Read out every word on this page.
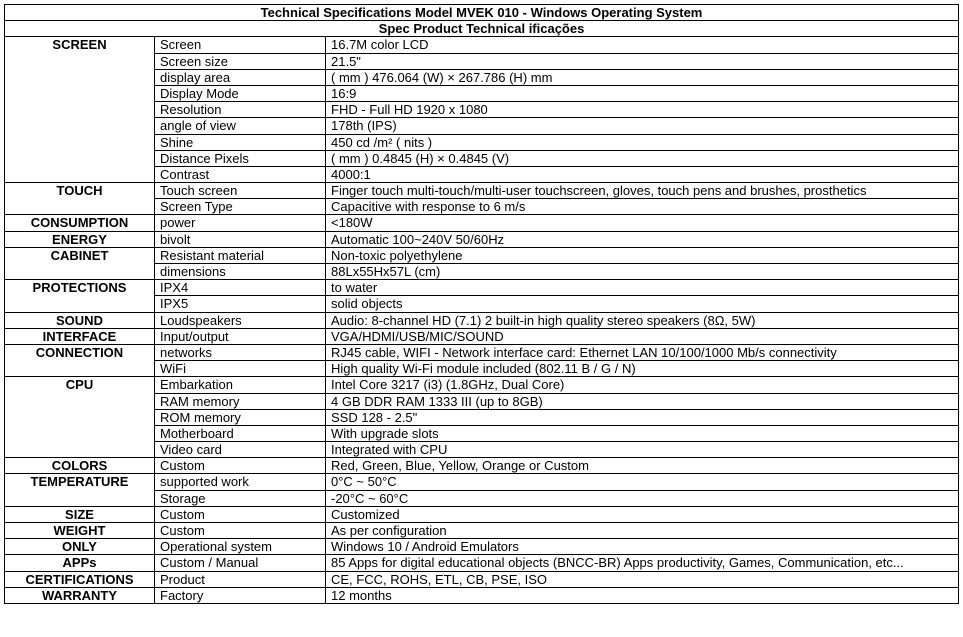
Technical Specifications Model MVEK 010 - Windows Operating System		
Spec Product Technical ificações		
SCREEN	Screen	16.7M color LCD
	Screen size	21.5"
	display area	( mm ) 476.064 (W) × 267.786 (H) mm
	Display Mode	16:9
	Resolution	FHD - Full HD 1920 x 1080
	angle of view	178th (IPS)
	Shine	450 cd /m² ( nits )
	Distance Pixels	( mm ) 0.4845 (H) × 0.4845 (V)
	Contrast	4000:1
TOUCH	Touch screen	Finger touch multi-touch/multi-user touchscreen, gloves, touch pens and brushes, prosthetics
	Screen Type	Capacitive with response to 6 m/s
CONSUMPTION	power	<180W
ENERGY	bivolt	Automatic 100~240V 50/60Hz
CABINET	Resistant material	Non-toxic polyethylene
	dimensions	88Lx55Hx57L (cm)
PROTECTIONS	IPX4	to water
	IPX5	solid objects
SOUND	Loudspeakers	Audio: 8-channel HD (7.1) 2 built-in high quality stereo speakers (8Ω, 5W)
INTERFACE	Input/output	VGA/HDMI/USB/MIC/SOUND
CONNECTION	networks	RJ45 cable, WIFI - Network interface card: Ethernet LAN 10/100/1000 Mb/s connectivity
	WiFi	High quality Wi-Fi module included (802.11 B / G / N)
CPU	Embarkation	Intel Core 3217 (i3) (1.8GHz, Dual Core)
	RAM memory	4 GB DDR RAM 1333 III (up to 8GB)
	ROM memory	SSD 128 - 2.5"
	Motherboard	With upgrade slots
	Video card	Integrated with CPU
COLORS	Custom	Red, Green, Blue, Yellow, Orange or Custom
TEMPERATURE	supported work	0°C ~ 50°C
	Storage	-20°C ~ 60°C
SIZE	Custom	Customized
WEIGHT	Custom	As per configuration
ONLY	Operational system	Windows 10 / Android Emulators
APPs	Custom / Manual	85 Apps for digital educational objects (BNCC-BR) Apps productivity, Games, Communication, etc...
CERTIFICATIONS	Product	CE, FCC, ROHS, ETL, CB, PSE, ISO
WARRANTY	Factory	12 months
